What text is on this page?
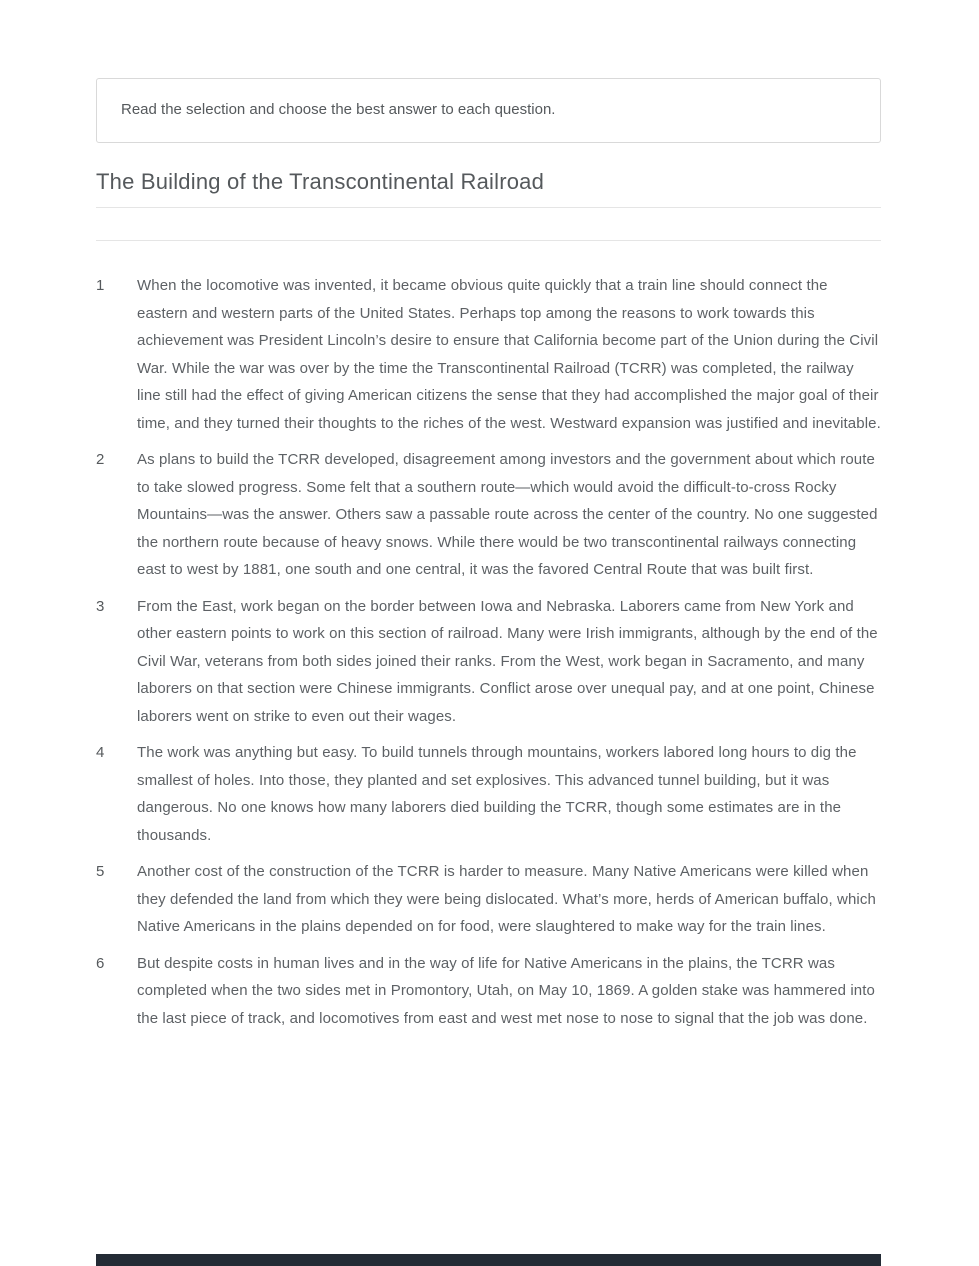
Read the selection and choose the best answer to each question.

The Building of the Transcontinental Railroad
1	When the locomotive was invented, it became obvious quite quickly that a train line should connect the eastern and western parts of the United States. Perhaps top among the reasons to work towards this achievement was President Lincoln’s desire to ensure that California become part of the Union during the Civil War. While the war was over by the time the Transcontinental Railroad (TCRR) was completed, the railway line still had the effect of giving American citizens the sense that they had accomplished the major goal of their time, and they turned their thoughts to the riches of the west. Westward expansion was justified and inevitable.
2	As plans to build the TCRR developed, disagreement among investors and the government about which route to take slowed progress. Some felt that a southern route—which would avoid the difficult-to-cross Rocky Mountains—was the answer. Others saw a passable route across the center of the country. No one suggested the northern route because of heavy snows. While there would be two transcontinental railways connecting east to west by 1881, one south and one central, it was the favored Central Route that was built first.
3	From the East, work began on the border between Iowa and Nebraska. Laborers came from New York and other eastern points to work on this section of railroad. Many were Irish immigrants, although by the end of the Civil War, veterans from both sides joined their ranks. From the West, work began in Sacramento, and many laborers on that section were Chinese immigrants. Conflict arose over unequal pay, and at one point, Chinese laborers went on strike to even out their wages.
4	The work was anything but easy. To build tunnels through mountains, workers labored long hours to dig the smallest of holes. Into those, they planted and set explosives. This advanced tunnel building, but it was dangerous. No one knows how many laborers died building the TCRR, though some estimates are in the thousands.
5	Another cost of the construction of the TCRR is harder to measure. Many Native Americans were killed when they defended the land from which they were being dislocated. What’s more, herds of American buffalo, which Native Americans in the plains depended on for food, were slaughtered to make way for the train lines.
6	But despite costs in human lives and in the way of life for Native Americans in the plains, the TCRR was completed when the two sides met in Promontory, Utah, on May 10, 1869. A golden stake was hammered into the last piece of track, and locomotives from east and west met nose to nose to signal that the job was done.
